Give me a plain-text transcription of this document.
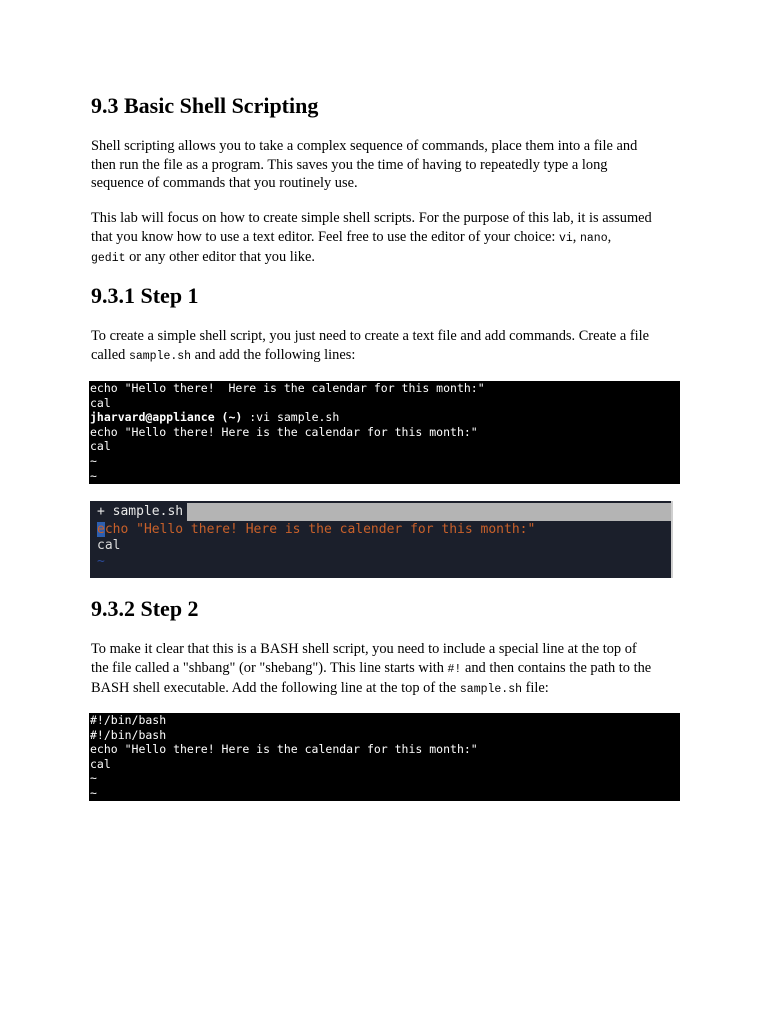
9.3 Basic Shell Scripting

Shell scripting allows you to take a complex sequence of commands, place them into a file and
then run the file as a program. This saves you the time of having to repeatedly type a long
sequence of commands that you routinely use.

This lab will focus on how to create simple shell scripts. For the purpose of this lab, it is assumed
that you know how to use a text editor. Feel free to use the editor of your choice: vi, nano,
gedit or any other editor that you like.

9.3.1 Step 1

To create a simple shell script, you just need to create a text file and add commands. Create a file
called sample.sh and add the following lines:

echo "Hello there!  Here is the calendar for this month:"
cal
jharvard@appliance (~) :vi sample.sh
echo "Hello there! Here is the calendar for this month:"
cal
~
~
+ sample.sh
echo "Hello there! Here is the calender for this month:"
cal
~
9.3.2 Step 2

To make it clear that this is a BASH shell script, you need to include a special line at the top of
the file called a "shbang" (or "shebang"). This line starts with #! and then contains the path to the
BASH shell executable. Add the following line at the top of the sample.sh file:

#!/bin/bash
#!/bin/bash
echo "Hello there! Here is the calendar for this month:"
cal
~
~
